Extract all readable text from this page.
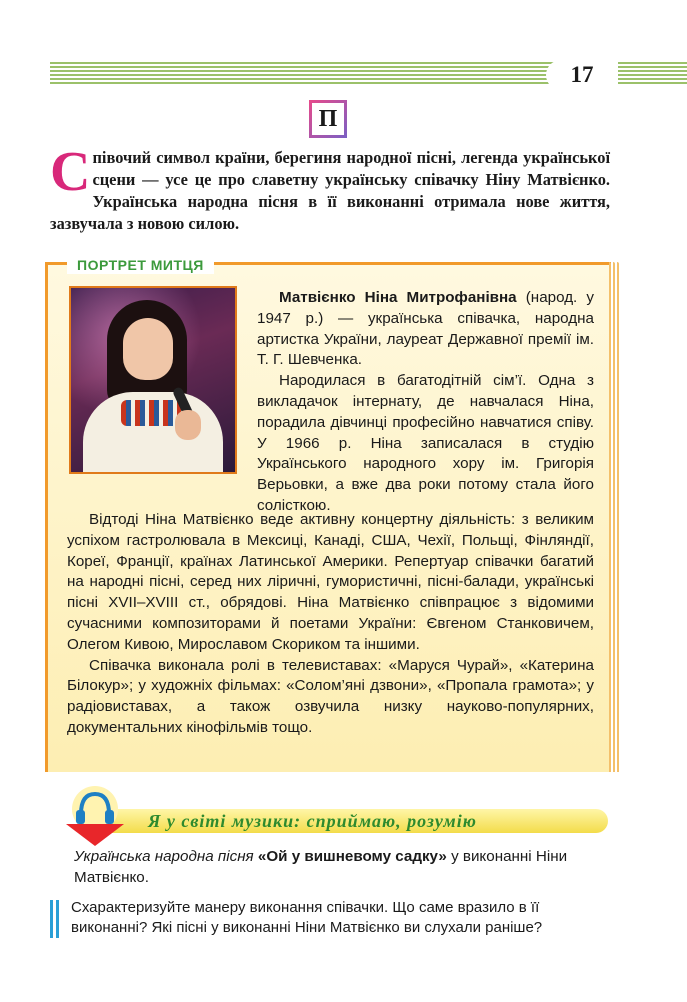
17
П
Співочий символ країни, берегиня народної пісні, легенда української сцени — усе це про славетну українську співачку Ніну Матвієнко. Українська народна пісня в її виконанні отримала нове життя, зазвучала з новою силою.
ПОРТРЕТ МИТЦЯ

Матвієнко Ніна Митрофанівна (народ. у 1947 р.) — українська співачка, народна артистка України, лауреат Державної премії ім. Т. Г. Шевченка.

Народилася в багатодітній сім’ї. Одна з викладачок інтернату, де навчалася Ніна, порадила дівчинці професійно навчатися співу. У 1966 р. Ніна записалася в студію Українського народного хору ім. Григорія Верьовки, а вже два роки потому стала його солісткою.

Відтоді Ніна Матвієнко веде активну концертну діяльність: з великим успіхом гастролювала в Мексиці, Канаді, США, Чехії, Польщі, Фінляндії, Кореї, Франції, країнах Латинської Америки. Репертуар співачки багатий на народні пісні, серед них ліричні, гумористичні, пісні-балади, українські пісні XVII–XVIII ст., обрядові. Ніна Матвієнко співпрацює з відомими сучасними композиторами й поетами України: Євгеном Станковичем, Олегом Кивою, Мирославом Скориком та іншими.

Співачка виконала ролі в телевиставах: «Маруся Чурай», «Катерина Білокур»; у художніх фільмах: «Солом’яні дзвони», «Пропала грамота»; у радіовиставах, а також озвучила низку науково-популярних, документальних кінофільмів тощо.

Я у світі музики: сприймаю, розумію
Українська народна пісня «Ой у вишневому садку» у виконанні Ніни Матвієнко.
Схарактеризуйте манеру виконання співачки. Що саме вразило в її виконанні? Які пісні у виконанні Ніни Матвієнко ви слухали раніше?
